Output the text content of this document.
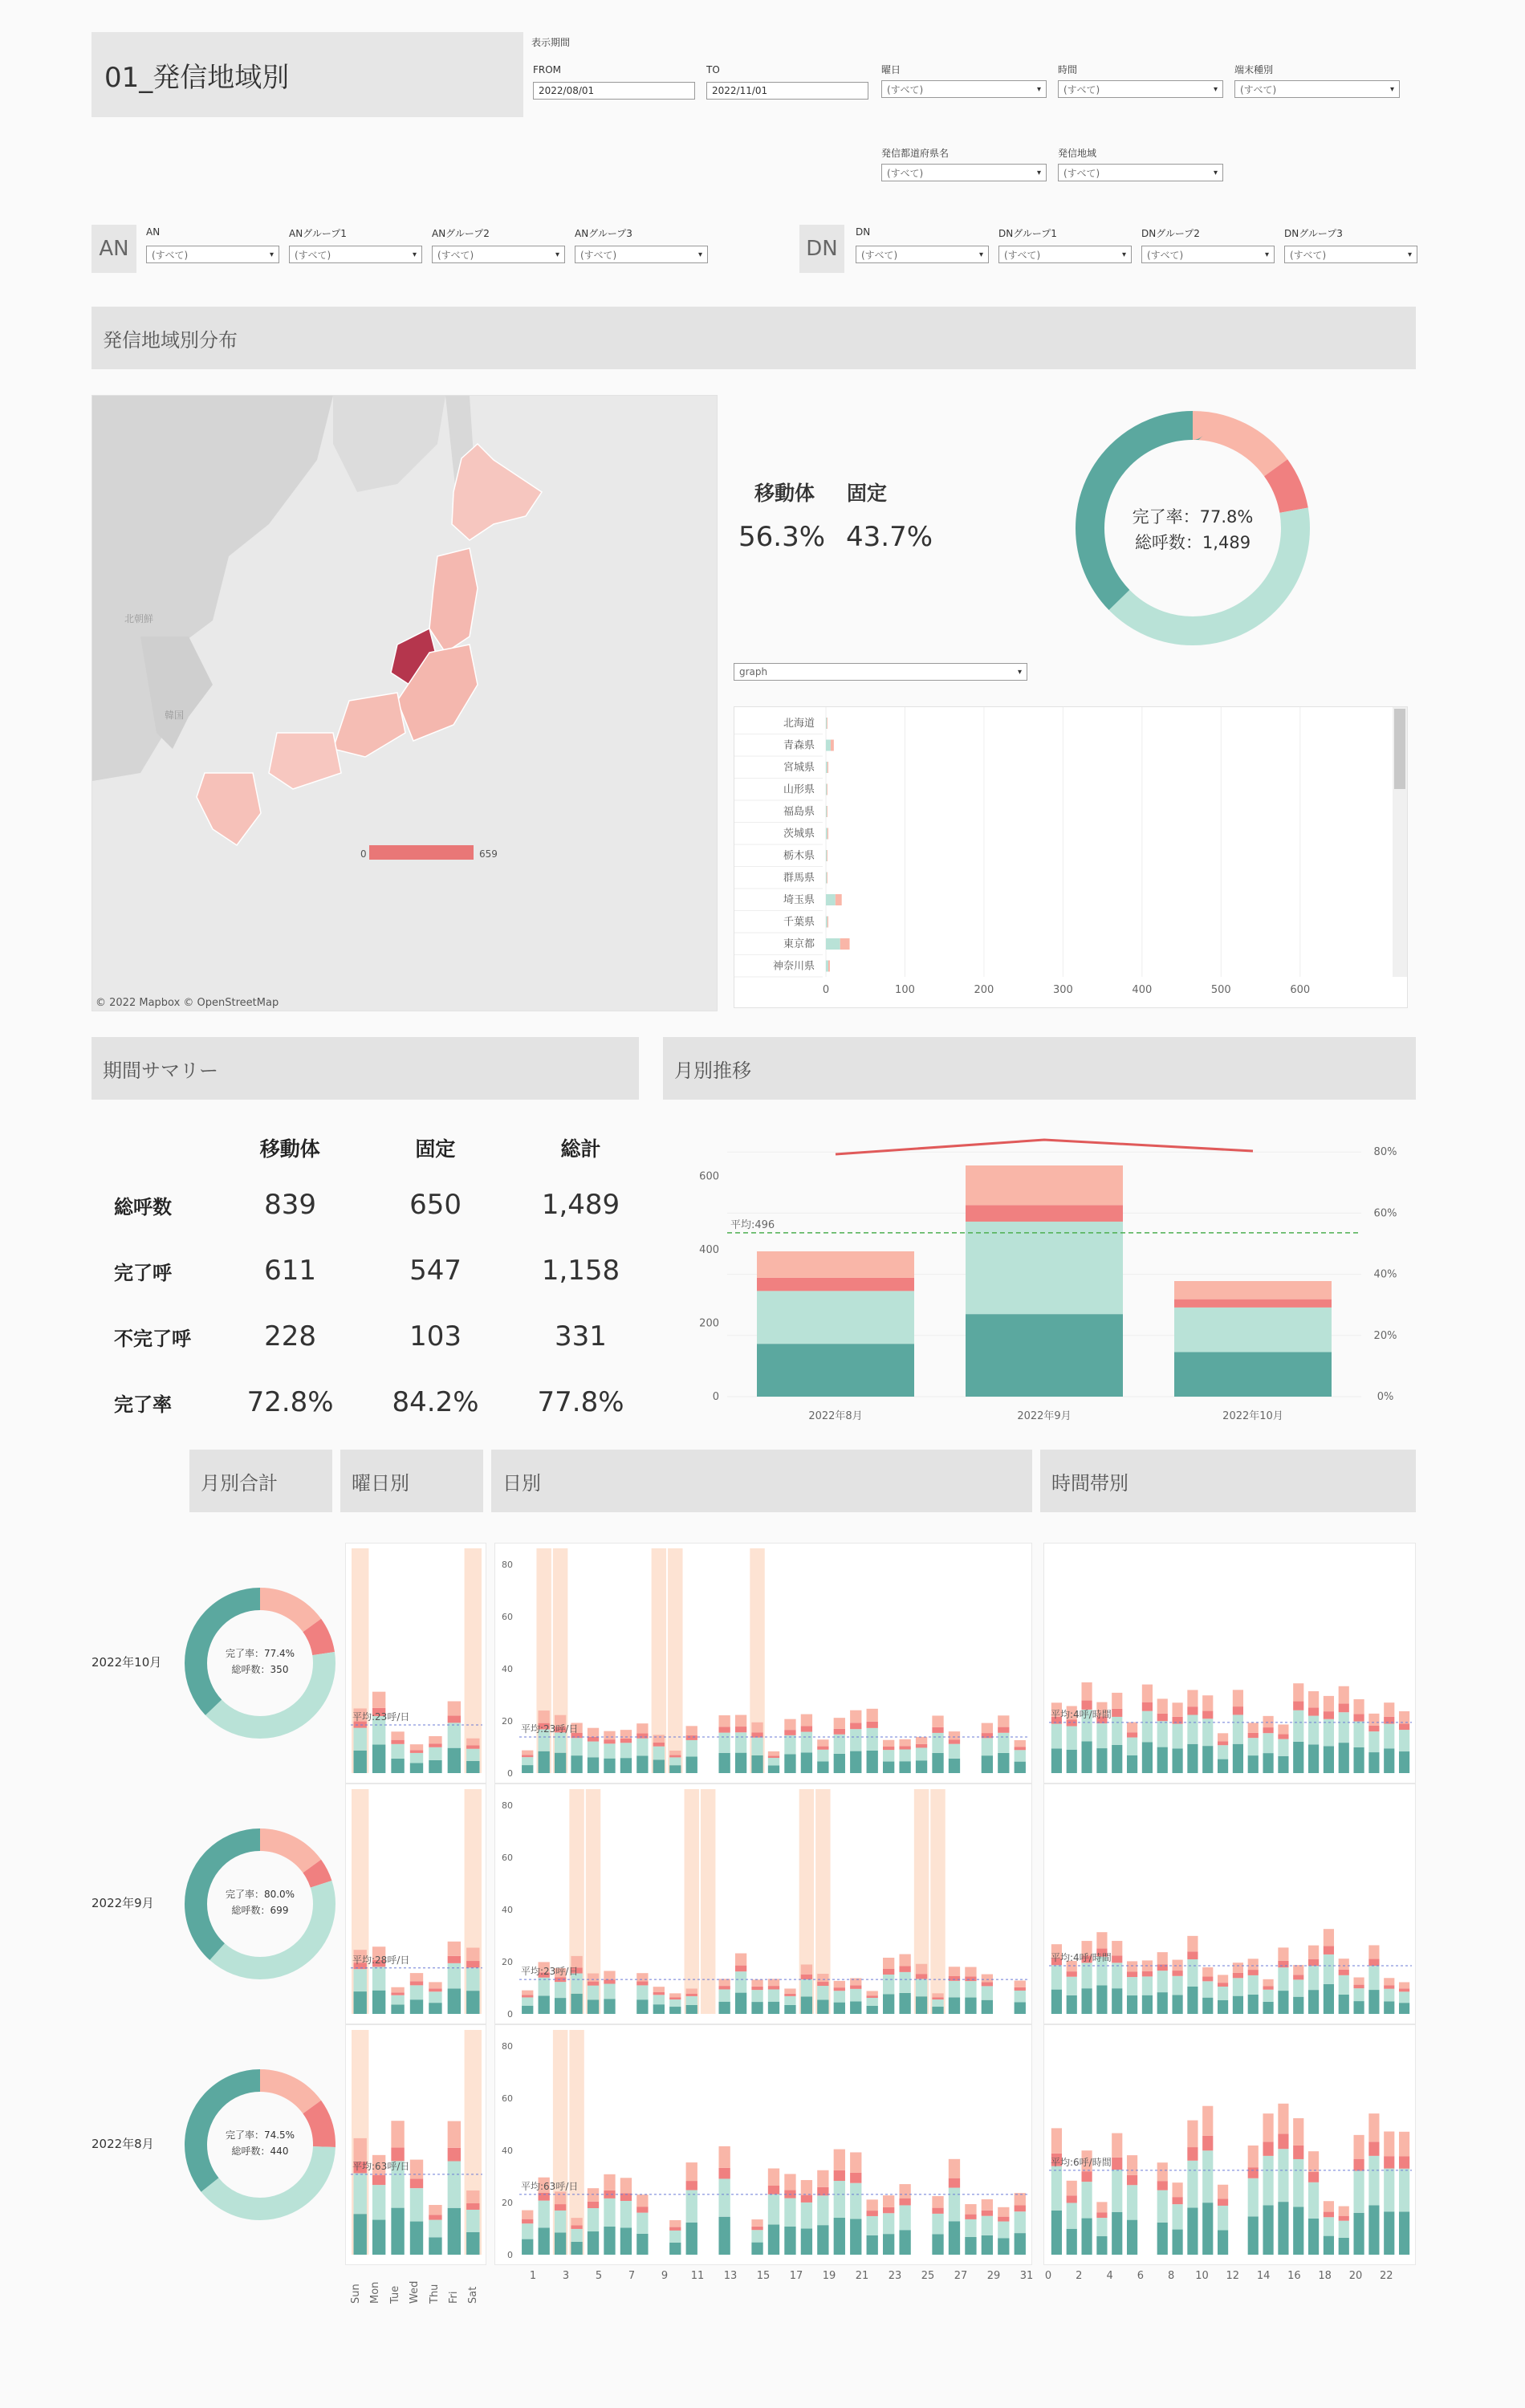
01_発信地域別
表示期間
FROM
2022/08/01
TO
2022/11/01
曜日
(すべて)	▾
時間
(すべて)	▾
端末種別
(すべて)	▾
発信都道府県名
(すべて)	▾
発信地域
(すべて)	▾
AN
AN
(すべて)	▾
ANグループ1
(すべて)	▾
ANグループ2
(すべて)	▾
ANグループ3
(すべて)	▾	DN
DN
(すべて)	▾
DNグループ1
(すべて)	▾
DNグループ2
(すべて)	▾
DNグループ3
(すべて)	▾
発信地域別分布
0	659
北朝鮮
韓国
© 2022 Mapbox © OpenStreetMap
移動体 固定
56.3% 43.7%
完了率：77.8%
総呼数：1,489
graph	▾
0	100	200	300	400	500	600
北海道
青森県
宮城県
山形県
福島県
茨城県
栃木県
群馬県
埼玉県
千葉県
東京都
神奈川県
期間サマリー
移動体	固定	総計
総呼数	839	650	1,489
完了呼	611	547	1,158
不完了呼	228	103	331
完了率	72.8%	84.2%	77.8%
月別推移
0
200
400
600
0%
20%
40%
60%
80%
2022年8月	2022年9月	2022年10月
平均:496
月別合計	曜日別	日別	時間帯別
2022年10月
完了率：77.4%
総呼数：350
平均:23呼/日
0
20
40
60
80
平均:23呼/日
平均:4呼/時間
2022年9月
完了率：80.0%
総呼数：699
平均:28呼/日
0
20
40
60
80
平均:23呼/日
平均:4呼/時間
2022年8月
完了率：74.5%
総呼数：440
平均:63呼/日
0
20
40
60
80
平均:63呼/日
平均:6呼/時間
Sun Mon Tue Wed Thu Fri Sat
1	3	5	7	9	11 13 15 17 19 21 23 25 27 29 31	0	2	4	6	8	10 12 14 16 18 20 22
